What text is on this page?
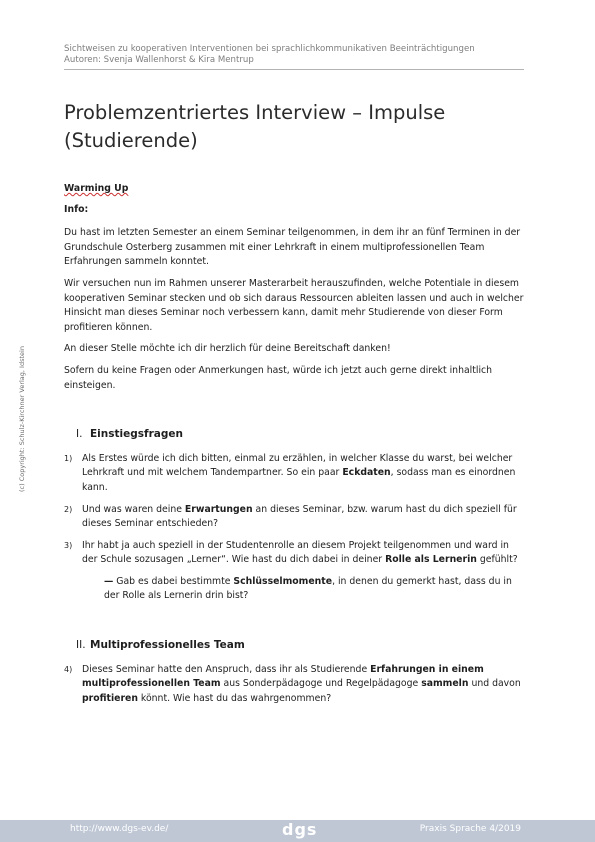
Sichtweisen zu kooperativen Interventionen bei sprachlichkommunikativen Beeinträchtigungen
Autoren: Svenja Wallenhorst & Kira Mentrup
Problemzentriertes Interview – Impulse (Studierende)

Warming Up

Info:

Du hast im letzten Semester an einem Seminar teilgenommen, in dem ihr an fünf Terminen in der Grundschule Osterberg zusammen mit einer Lehrkraft in einem multiprofessionellen Team Erfahrungen sammeln konntet.

Wir versuchen nun im Rahmen unserer Masterarbeit herauszufinden, welche Potentiale in diesem kooperativen Seminar stecken und ob sich daraus Ressourcen ableiten lassen und auch in welcher Hinsicht man dieses Seminar noch verbessern kann, damit mehr Studierende von dieser Form profitieren können.

An dieser Stelle möchte ich dir herzlich für deine Bereitschaft danken!

Sofern du keine Fragen oder Anmerkungen hast, würde ich jetzt auch gerne direkt inhaltlich einsteigen.

I. Einstiegsfragen

1) Als Erstes würde ich dich bitten, einmal zu erzählen, in welcher Klasse du warst, bei welcher Lehrkraft und mit welchem Tandempartner. So ein paar Eckdaten, sodass man es einordnen kann.

2) Und was waren deine Erwartungen an dieses Seminar, bzw. warum hast du dich speziell für dieses Seminar entschieden?

3) Ihr habt ja auch speziell in der Studentenrolle an diesem Projekt teilgenommen und ward in der Schule sozusagen „Lerner“. Wie hast du dich dabei in deiner Rolle als Lernerin gefühlt?

— Gab es dabei bestimmte Schlüsselmomente, in denen du gemerkt hast, dass du in der Rolle als Lernerin drin bist?

II. Multiprofessionelles Team

4) Dieses Seminar hatte den Anspruch, dass ihr als Studierende Erfahrungen in einem multiprofessionellen Team aus Sonderpädagoge und Regelpädagoge sammeln und davon profitieren könnt. Wie hast du das wahrgenommen?

(c) Copyright: Schulz-Kirchner Verlag, Idstein
http://www.dgs-ev.de/	dgs	Praxis Sprache 4/2019
